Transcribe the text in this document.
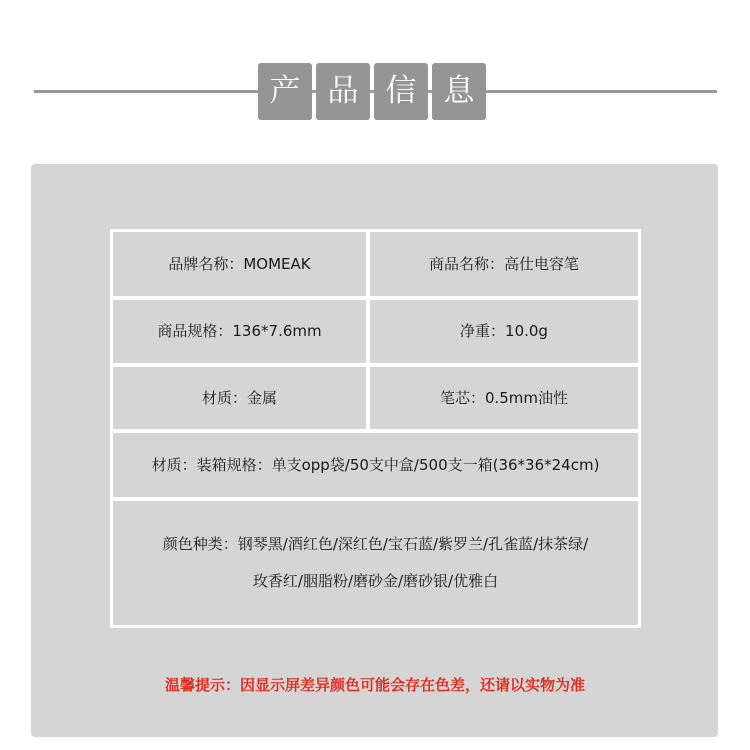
产 品 信 息
品牌名称：MOMEAK	商品名称：高仕电容笔
商品规格：136*7.6mm	净重：10.0g
材质：金属	笔芯：0.5mm油性
材质：装箱规格：单支opp袋/50支中盒/500支一箱(36*36*24cm)
颜色种类：钢琴黑/酒红色/深红色/宝石蓝/紫罗兰/孔雀蓝/抹茶绿/
玫香红/胭脂粉/磨砂金/磨砂银/优雅白
温馨提示：因显示屏差异颜色可能会存在色差，还请以实物为准
